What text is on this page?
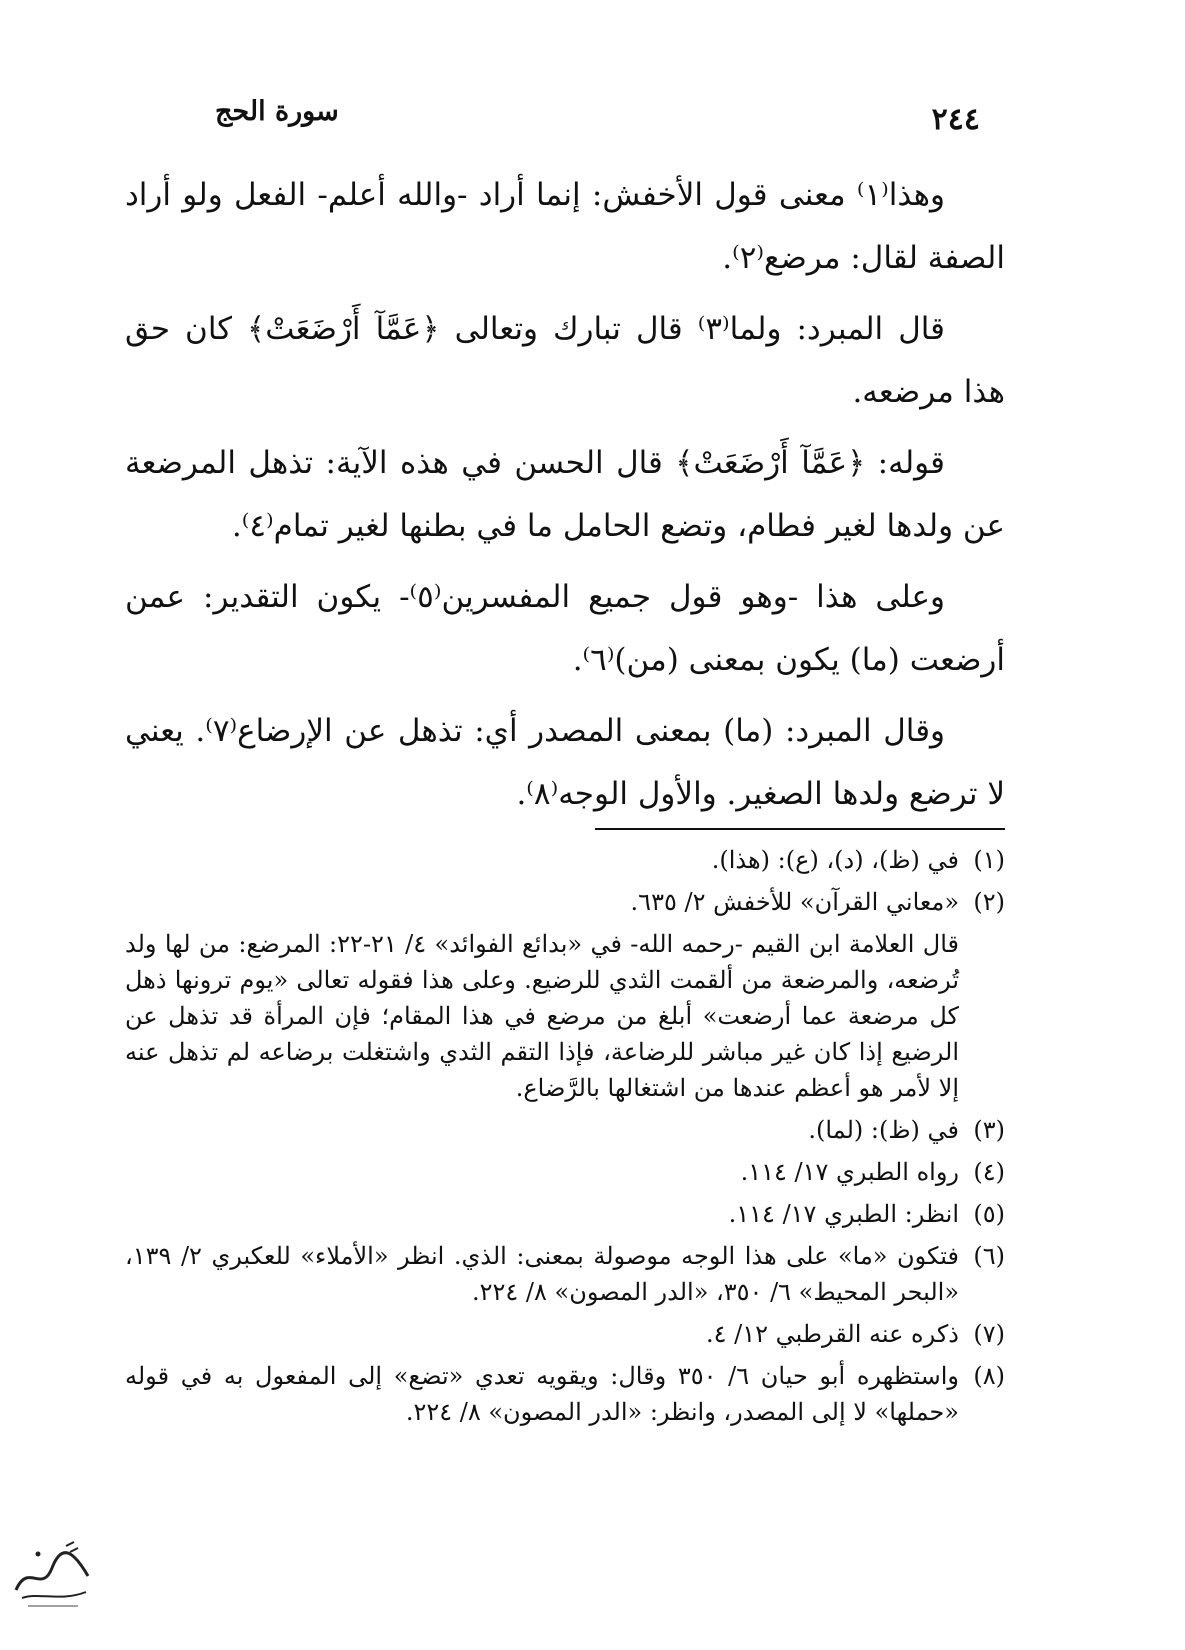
٢٤٤
سورة الحج

وهذا⁽١⁾ معنى قول الأخفش: إنما أراد -والله أعلم- الفعل ولو أراد الصفة لقال: مرضع⁽٢⁾.

قال المبرد: ولما⁽٣⁾ قال تبارك وتعالى ﴿عَمَّآ أَرْضَعَتْ﴾ كان حق هذا مرضعه.

قوله: ﴿عَمَّآ أَرْضَعَتْ﴾ قال الحسن في هذه الآية: تذهل المرضعة عن ولدها لغير فطام، وتضع الحامل ما في بطنها لغير تمام⁽٤⁾.

وعلى هذا -وهو قول جميع المفسرين⁽٥⁾- يكون التقدير: عمن أرضعت (ما) يكون بمعنى (من)⁽٦⁾.

وقال المبرد: (ما) بمعنى المصدر أي: تذهل عن الإرضاع⁽٧⁾. يعني لا ترضع ولدها الصغير. والأول الوجه⁽٨⁾.

(١)
في (ظ)، (د)، (ع): (هذا).
(٢)
«معاني القرآن» للأخفش ٢/ ٦٣٥.
قال العلامة ابن القيم -رحمه الله- في «بدائع الفوائد» ٤/ ٢١-٢٢: المرضع: من لها ولد تُرضعه، والمرضعة من ألقمت الثدي للرضيع. وعلى هذا فقوله تعالى «يوم ترونها ذهل كل مرضعة عما أرضعت» أبلغ من مرضع في هذا المقام؛ فإن المرأة قد تذهل عن الرضيع إذا كان غير مباشر للرضاعة، فإذا التقم الثدي واشتغلت برضاعه لم تذهل عنه إلا لأمر هو أعظم عندها من اشتغالها بالرَّضاع.
(٣)
في (ظ): (لما).
(٤)
رواه الطبري ١٧/ ١١٤.
(٥)
انظر: الطبري ١٧/ ١١٤.
(٦)
فتكون «ما» على هذا الوجه موصولة بمعنى: الذي. انظر «الأملاء» للعكبري ٢/ ١٣٩، «البحر المحيط» ٦/ ٣٥٠، «الدر المصون» ٨/ ٢٢٤.
(٧)
ذكره عنه القرطبي ١٢/ ٤.
(٨)
واستظهره أبو حيان ٦/ ٣٥٠ وقال: ويقويه تعدي «تضع» إلى المفعول به في قوله «حملها» لا إلى المصدر، وانظر: «الدر المصون» ٨/ ٢٢٤.
